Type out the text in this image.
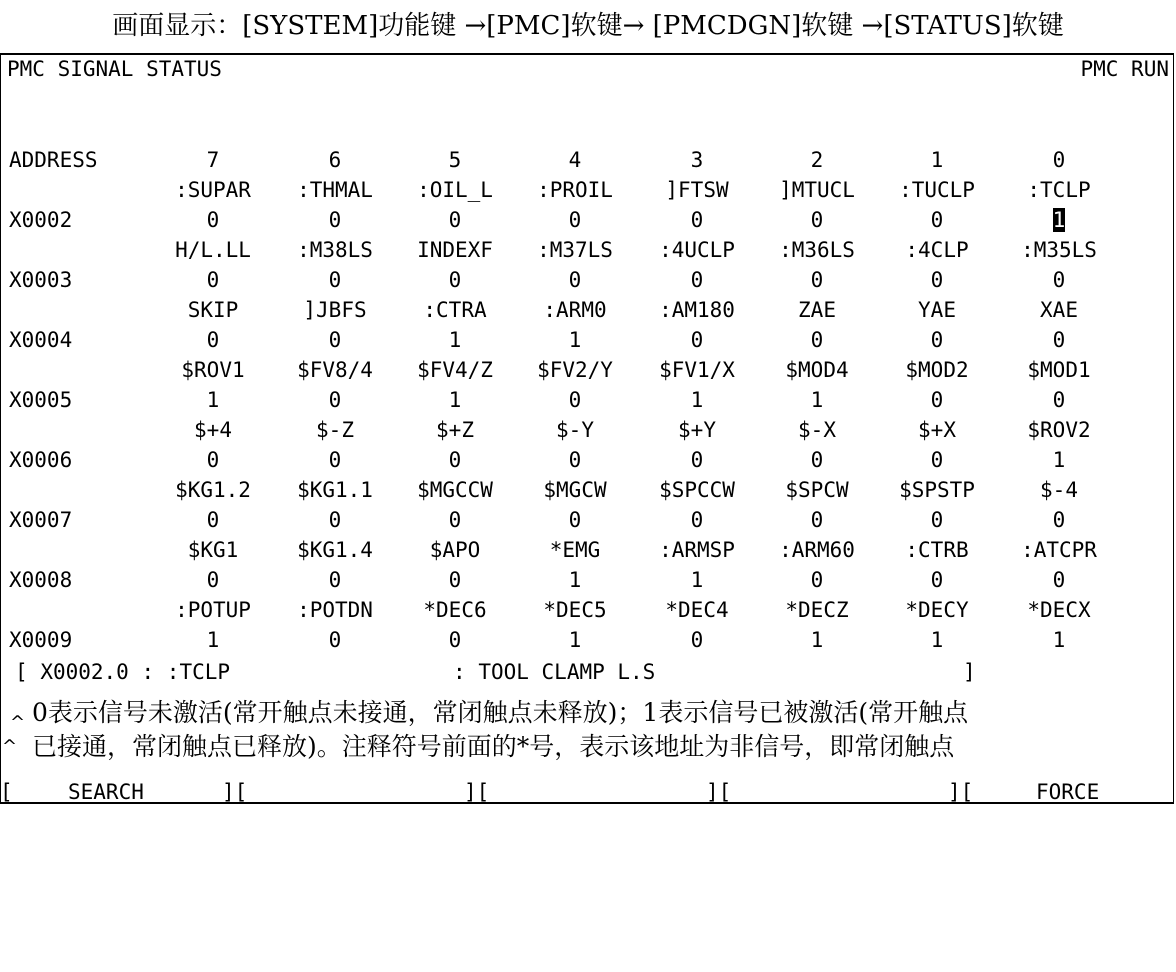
画面显示：[SYSTEM]功能键 →[PMC]软键→ [PMCDGN]软键 →[STATUS]软键
PMC SIGNAL STATUS	PMC RUN
ADDRESS	7	6	5	4	3	2	1	0
:SUPAR	:THMAL	:OIL_L	:PROIL	]FTSW	]MTUCL	:TUCLP	:TCLP
X0002	0	0	0	0	0	0	0	1
H/L.LL	:M38LS	INDEXF	:M37LS	:4UCLP	:M36LS	:4CLP	:M35LS
X0003	0	0	0	0	0	0	0	0
SKIP	]JBFS	:CTRA	:ARM0	:AM180	ZAE	YAE	XAE
X0004	0	0	1	1	0	0	0	0
$ROV1	$FV8/4	$FV4/Z	$FV2/Y	$FV1/X	$MOD4	$MOD2	$MOD1
X0005	1	0	1	0	1	1	0	0
$+4	$-Z	$+Z	$-Y	$+Y	$-X	$+X	$ROV2
X0006	0	0	0	0	0	0	0	1
$KG1.2	$KG1.1	$MGCCW	$MGCW	$SPCCW	$SPCW	$SPSTP	$-4
X0007	0	0	0	0	0	0	0	0
$KG1	$KG1.4	$APO	*EMG	:ARMSP	:ARM60	:CTRB	:ATCPR
X0008	0	0	0	1	1	0	0	0
:POTUP	:POTDN	*DEC6	*DEC5	*DEC4	*DECZ	*DECY	*DECX
X0009	1	0	0	1	0	1	1	1
[ X0002.0 : :TCLP	: TOOL CLAMP L.S	]
^
^
0表示信号未激活(常开触点未接通，常闭触点未释放)；1表示信号已被激活(常开触点
已接通，常闭触点已释放)。注释符号前面的*号，表示该地址为非信号，即常闭触点

[

	SEARCH

	][

	][

	][

	][

	FORCE
